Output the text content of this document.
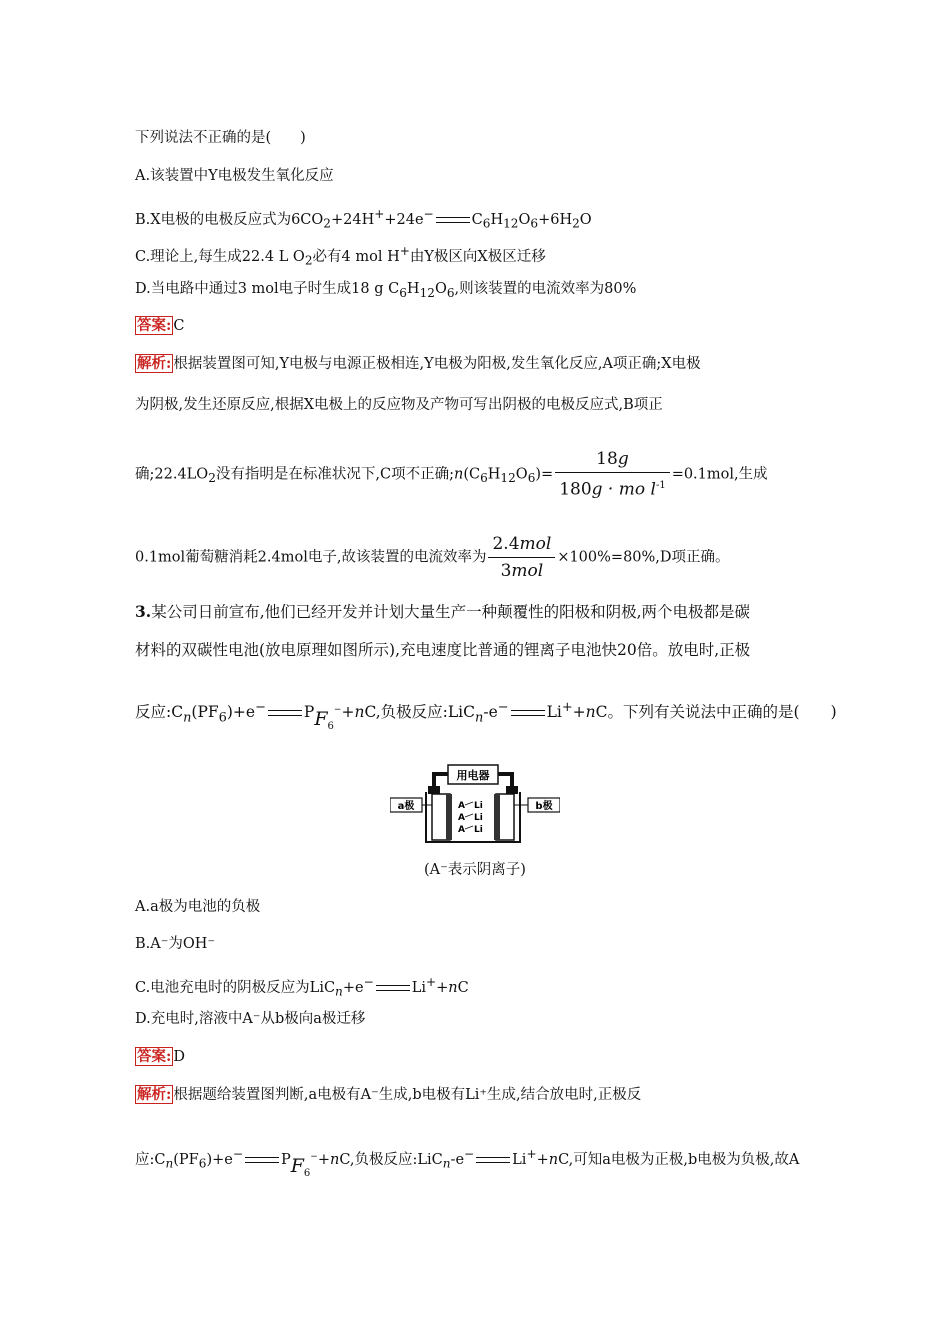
下列说法不正确的是(　　)
A.该装置中Y电极发生氧化反应
B.X电极的电极反应式为$6CO_2+24H^++24e^-$	$C_6H_{12}O_6+6H_2O$
C.理论上,每生成22.4 L $O_2$必有4 mol H+由Y极区向X极区迁移
D.当电路中通过3 mol电子时生成18 g $C_6H_{12}O_6$,则该装置的电流效率为80%
答案: C
解析: 根据装置图可知,Y电极与电源正极相连,Y电极为阳极,发生氧化反应,A项正确;X电极
为阴极,发生还原反应,根据X电极上的反应物及产物可写出阴极的电极反应式,B项正
确$;22.4LO_2$没有指明是在标准状况下,C项不正确$;n(C_6H_{12}O_6)= \frac{18g}{180g \cdot mo l^{-1}} =0.1mol$,生成
0.1mol葡萄糖消耗2.4mol电子,故该装置的电流效率为 $\frac{\text{2.4mol}}{\text{3mol}} \times 100\%=80\%,D$项正确。
3.某公司日前宣布,他们已经开发并计划大量生产一种颠覆性的阳极和阴极,两个电极都是碳
材料的双碳性电池(放电原理如图所示),充电速度比普通的锂离子电池快20倍。放电时,正极
反应$:C_n(PF_6)+e^-$ $PF_6^-+nC$,负极反应:LiC$_n$-e− Li++nC。下列有关说法中正确的是(　　)
用电器
a极	b极
A Li
A Li
A Li
(A⁻表示阴离子)
A.a极为电池的负极
B.A⁻为OH⁻
C.电池充电时的阴极反应为LiC$_n$+e−	Li++nC
D.充电时,溶液中A⁻从b极向a极迁移
答案: D
解析: 根据题给装置图判断,a电极有A⁻生成,b电极有Li⁺生成,结合放电时,正极反
应$:C_n(PF_6)+e^-$	$PF_6^-+nC$,负极反应:LiC$_n$-e−	Li++nC,可知a电极为正极,b电极为负极,故A
